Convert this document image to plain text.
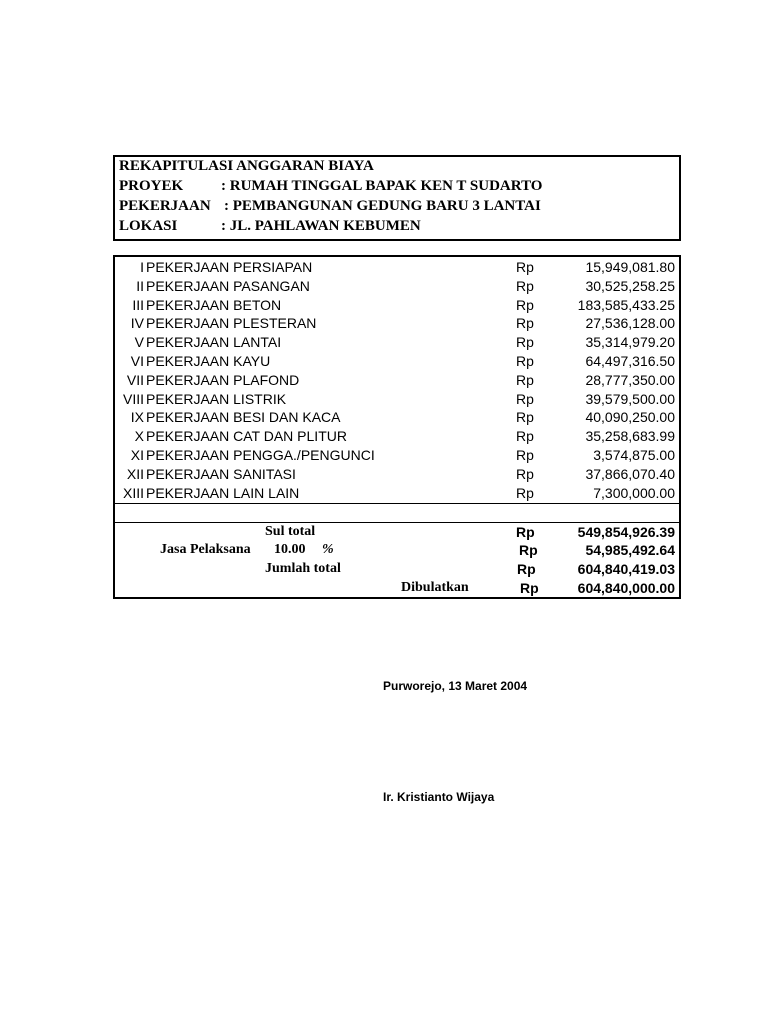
REKAPITULASI ANGGARAN BIAYA
PROYEK	: RUMAH TINGGAL BAPAK KEN T SUDARTO
PEKERJAAN : PEMBANGUNAN GEDUNG BARU 3 LANTAI
LOKASI	: JL. PAHLAWAN KEBUMEN
I PEKERJAAN PERSIAPAN	Rp	15,949,081.80
II PEKERJAAN PASANGAN	Rp	30,525,258.25
III PEKERJAAN BETON	Rp	183,585,433.25
IV PEKERJAAN PLESTERAN	Rp	27,536,128.00
V PEKERJAAN LANTAI	Rp	35,314,979.20
VI PEKERJAAN KAYU	Rp	64,497,316.50
VII PEKERJAAN PLAFOND	Rp	28,777,350.00
VIII PEKERJAAN LISTRIK	Rp	39,579,500.00
IX PEKERJAAN BESI DAN KACA	Rp	40,090,250.00
X PEKERJAAN CAT DAN PLITUR	Rp	35,258,683.99
XI PEKERJAAN PENGGA./PENGUNCI	Rp	3,574,875.00
XII PEKERJAAN SANITASI	Rp	37,866,070.40
XIII PEKERJAAN LAIN LAIN	Rp	7,300,000.00
Sul total	Rp	549,854,926.39
Jasa Pelaksana 10.00 %	Rp	54,985,492.64
Jumlah total	Rp	604,840,419.03
Dibulatkan	Rp	604,840,000.00
Purworejo, 13 Maret 2004
Ir. Kristianto Wijaya
